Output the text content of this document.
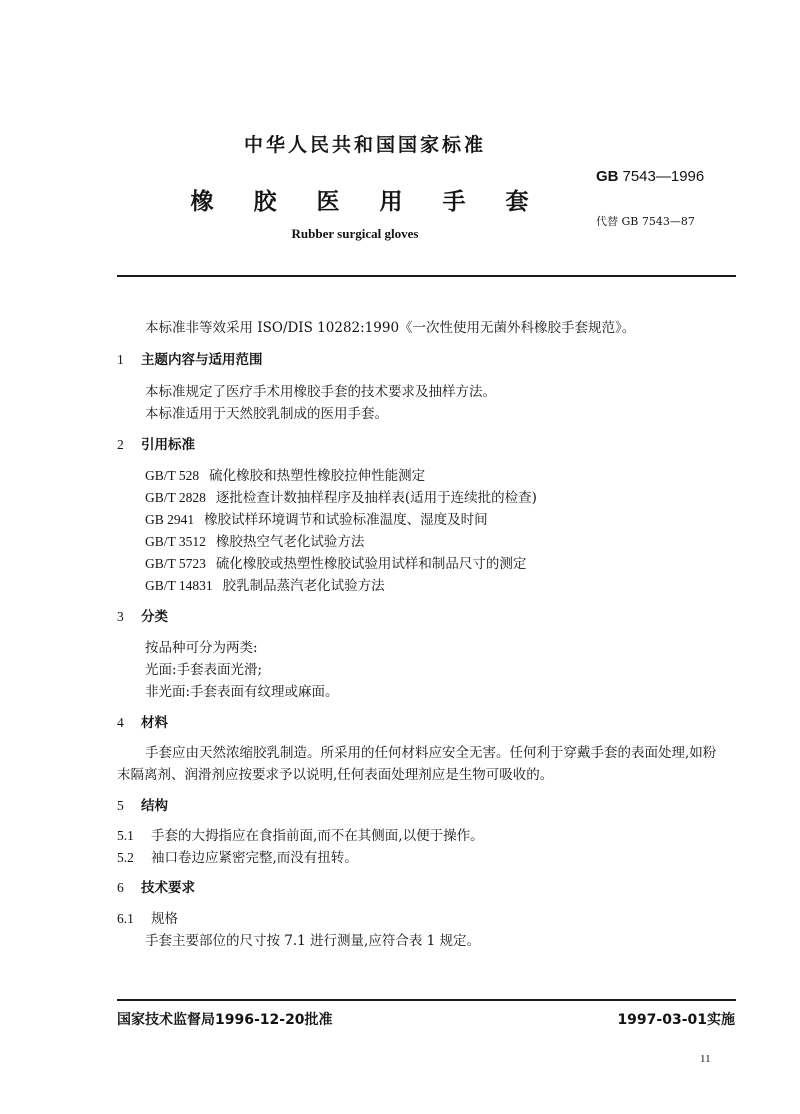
中华人民共和国国家标准
橡 胶 医 用 手 套
Rubber surgical gloves
GB 7543—1996
代替 GB 7543—87
本标准非等效采用 ISO/DIS 10282:1990《一次性使用无菌外科橡胶手套规范》。
1 主题内容与适用范围
本标准规定了医疗手术用橡胶手套的技术要求及抽样方法。
本标准适用于天然胶乳制成的医用手套。
2 引用标准
GB/T 528 硫化橡胶和热塑性橡胶拉伸性能测定
GB/T 2828 逐批检查计数抽样程序及抽样表(适用于连续批的检查)
GB 2941 橡胶试样环境调节和试验标准温度、湿度及时间
GB/T 3512 橡胶热空气老化试验方法
GB/T 5723 硫化橡胶或热塑性橡胶试验用试样和制品尺寸的测定
GB/T 14831 胶乳制品蒸汽老化试验方法
3 分类
按品种可分为两类:
光面:手套表面光滑;
非光面:手套表面有纹理或麻面。
4 材料
手套应由天然浓缩胶乳制造。所采用的任何材料应安全无害。任何利于穿戴手套的表面处理,如粉
末隔离剂、润滑剂应按要求予以说明,任何表面处理剂应是生物可吸收的。
5 结构
5.1 手套的大拇指应在食指前面,而不在其侧面,以便于操作。
5.2 袖口卷边应紧密完整,而没有扭转。
6 技术要求
6.1 规格
手套主要部位的尺寸按 7.1 进行测量,应符合表 1 规定。
国家技术监督局1996-12-20批准	1997-03-01实施
11
